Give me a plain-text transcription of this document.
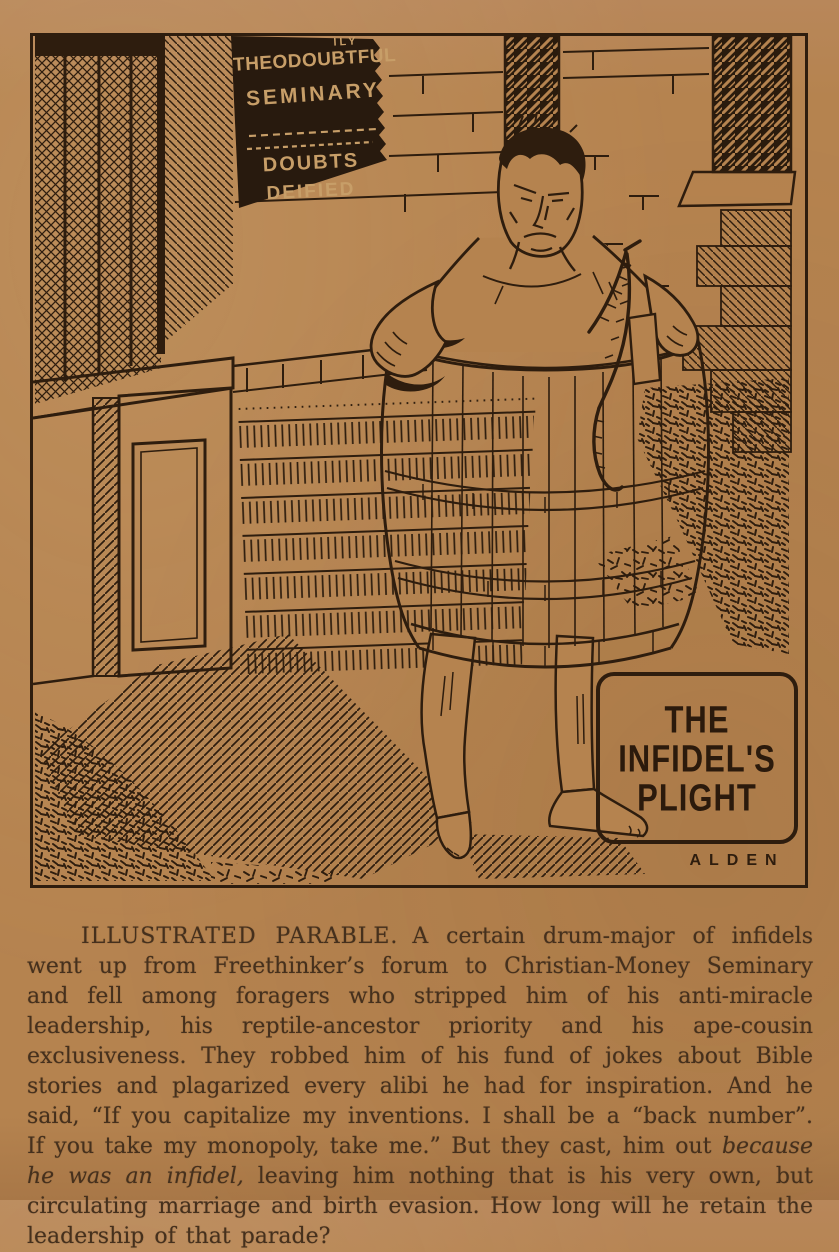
ILY
THEODOUBTFUL
SEMINARY
DOUBTS
DEIFIED
THE
INFIDEL'S
PLIGHT
ALDEN

ILLUSTRATED PARABLE. A certain drum-major of infidels went up from Freethinker’s forum to Christian-Money Seminary and fell among foragers who stripped him of his anti-miracle leadership, his reptile-ancestor priority and his ape-cousin exclusiveness. They robbed him of his fund of jokes about Bible stories and plagarized every alibi he had for inspiration. And he said, “If you capitalize my inventions. I shall be a “back number”. If you take my monopoly, take me.” But they cast, him out because he was an infidel, leaving him nothing that is his very own, but circulating marriage and birth evasion. How long will he retain the leadership of that parade?
